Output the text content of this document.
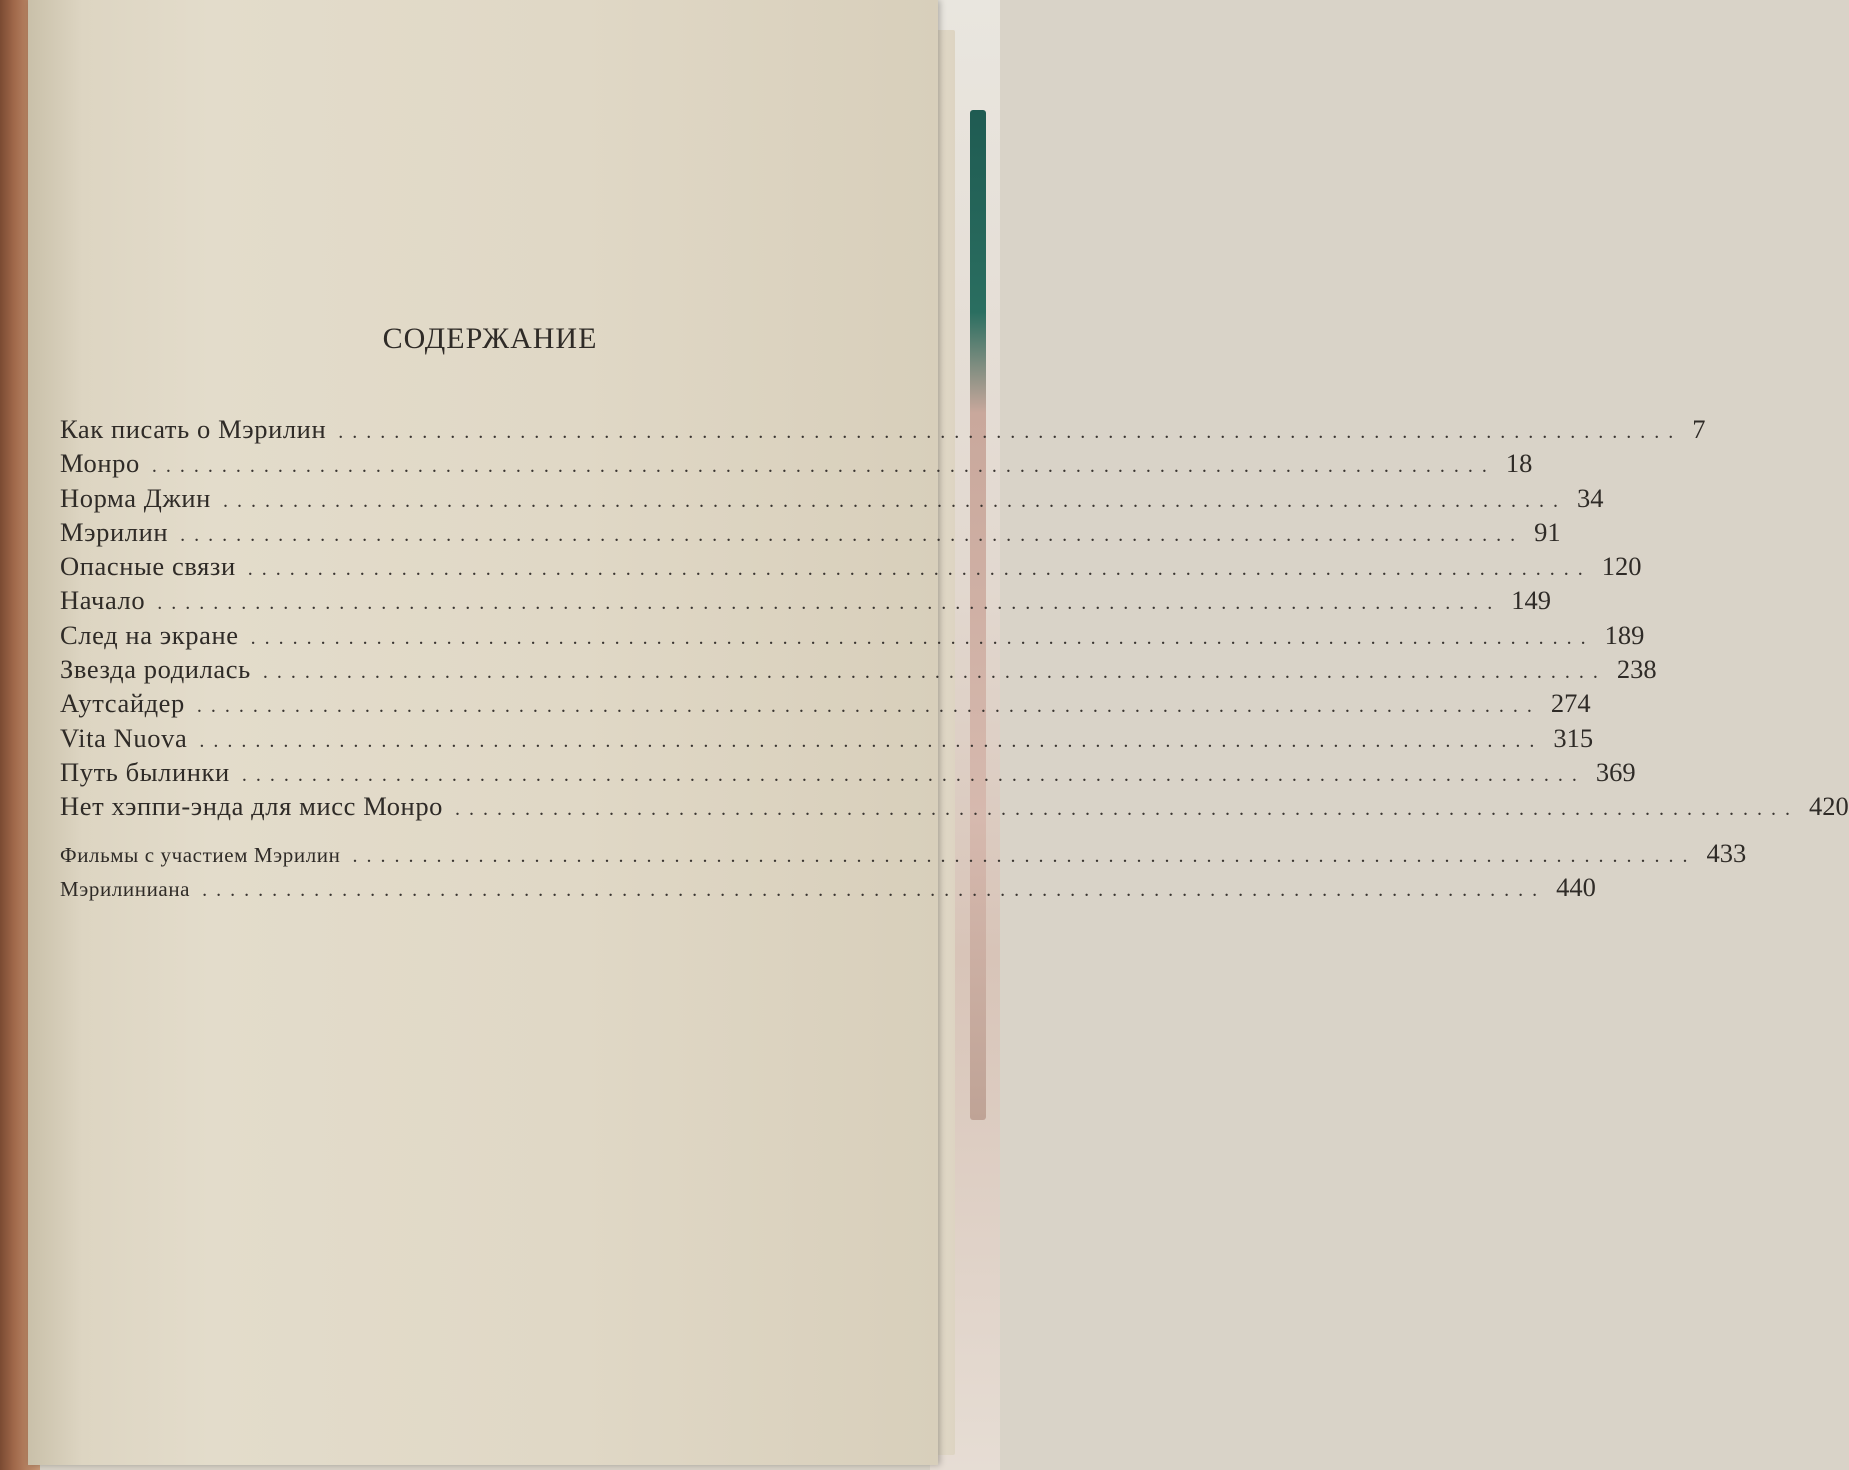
СОДЕРЖАНИЕ
Как писать о Мэрилин ................................................................................................ 7
Монро ................................................................................................ 18
Норма Джин ................................................................................................ 34
Мэрилин ................................................................................................ 91
Опасные связи ................................................................................................ 120
Начало ................................................................................................ 149
След на экране ................................................................................................ 189
Звезда родилась ................................................................................................ 238
Аутсайдер ................................................................................................ 274
Vita Nuova ................................................................................................ 315
Путь былинки ................................................................................................ 369
Нет хэппи-энда для мисс Монро ................................................................................................ 420
Фильмы с участием Мэрилин ................................................................................................ 433
Мэрилиниана ................................................................................................ 440
